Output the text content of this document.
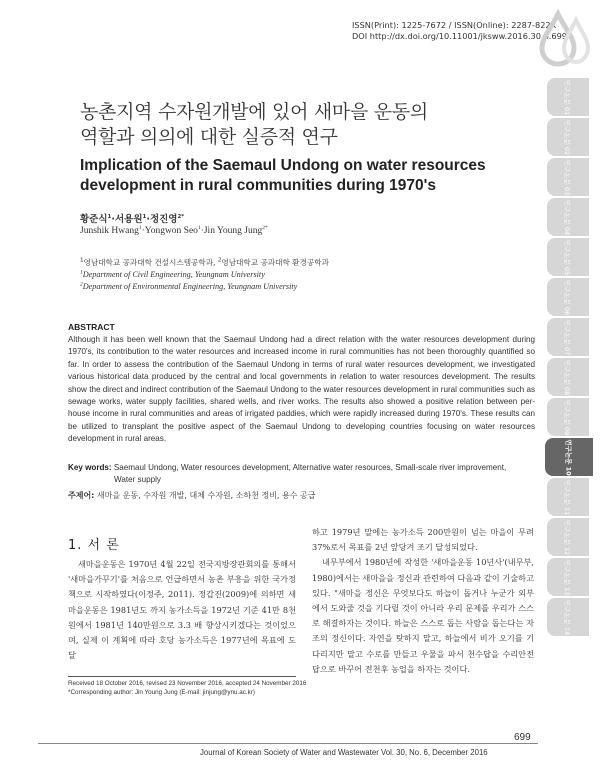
ISSN(Print): 1225-7672 / ISSN(Online): 2287-822X
DOI http://dx.doi.org/10.11001/jksww.2016.30.6.699
연구논문 01
연구논문 02
연구논문 03
연구논문 04
연구논문 05
연구논문 06
연구논문 07
연구논문 08
연구논문 09
연구논문 10
연구논문 11
연구논문 12
연구논문 13
연구논문 14
농촌지역 수자원개발에 있어 새마을 운동의
역할과 의의에 대한 실증적 연구
Implication of the Saemaul Undong on water resources
development in rural communities during 1970's
황준식$^1$·서용원$^1$·정진영$^{2*}$
Junshik Hwang$^1$·Yongwon Seo$^1$·Jin Young Jung$^{2*}$
$^1$영남대학교 공과대학 건설시스템공학과, $^2$영남대학교 공과대학 환경공학과
$^1$Department of Civil Engineering, Yeungnam University
$^2$Department of Environmental Engineering, Yeungnam University
ABSTRACT
Although it has been well known that the Saemaul Undong had a direct relation with the water resources development during 1970's, its contribution to the water resources and increased income in rural communities has not been thoroughly quantified so far. In order to assess the contribution of the Saemaul Undong in terms of rural water resources development, we investigated various historical data produced by the central and local governments in relation to water resources development. The results show the direct and indirect contribution of the Saemaul Undong to the water resources development in rural communities such as sewage works, water supply facilities, shared wells, and river works. The results also showed a positive relation between per-house income in rural communities and areas of irrigated paddies, which were rapidly increased during 1970's. These results can be utilized to transplant the positive aspect of the Saemaul Undong to developing countries focusing on water resources development in rural areas.
Key words: Saemaul Undong, Water resources development, Alternative water resources, Small-scale river improvement,
Water supply
주제어: 새마을 운동, 수자원 개발, 대체 수자원, 소하천 정비, 용수 공급
1. 서 론

새마을운동은 1970년 4월 22일 전국지방장관회의를 통해서 '새마을가꾸기'를 처음으로 언급하면서 농촌 부흥을 위한 국가정책으로 시작하였다(이정주, 2011). 정갑진(2009)에 의하면 새마을운동은 1981년도 까지 농가소득을 1972년 기준 41만 8천원에서 1981년 140만원으로 3.3 배 향상시키겠다는 것이었으며, 실제 이 계획에 따라 호당 농가소득은 1977년에 목표에 도달

하고 1979년 말에는 농가소득 200만원이 넘는 마을이 무려 37%로서 목표를 2년 앞당겨 조기 달성되었다.

내무부에서 1980년에 작성한 '새마을운동 10년사'(내무부, 1980)에서는 새마을을 정신과 관련하여 다음과 같이 기술하고 있다. "새마을 정신은 무엇보다도 하늘이 돕거나 누군가 외부에서 도와줄 것을 기다릴 것이 아니라 우리 문제를 우리가 스스로 해결하자는 것이다. 하늘은 스스로 돕는 사람을 돕는다는 자조의 정신이다. 자연을 탓하지 말고, 하늘에서 비가 오기를 기다리지만 말고 수로를 만들고 우물을 파서 천수답을 수리안전답으로 바꾸어 전천후 농업을 하자는 것이다.

Received 18 October 2016, revised 23 November 2016, accepted 24 November 2016
*Corresponding author: Jin Young Jung (E-mail: jinjung@ynu.ac.kr)
699
Journal of Korean Society of Water and Wastewater Vol. 30, No. 6, December 2016
